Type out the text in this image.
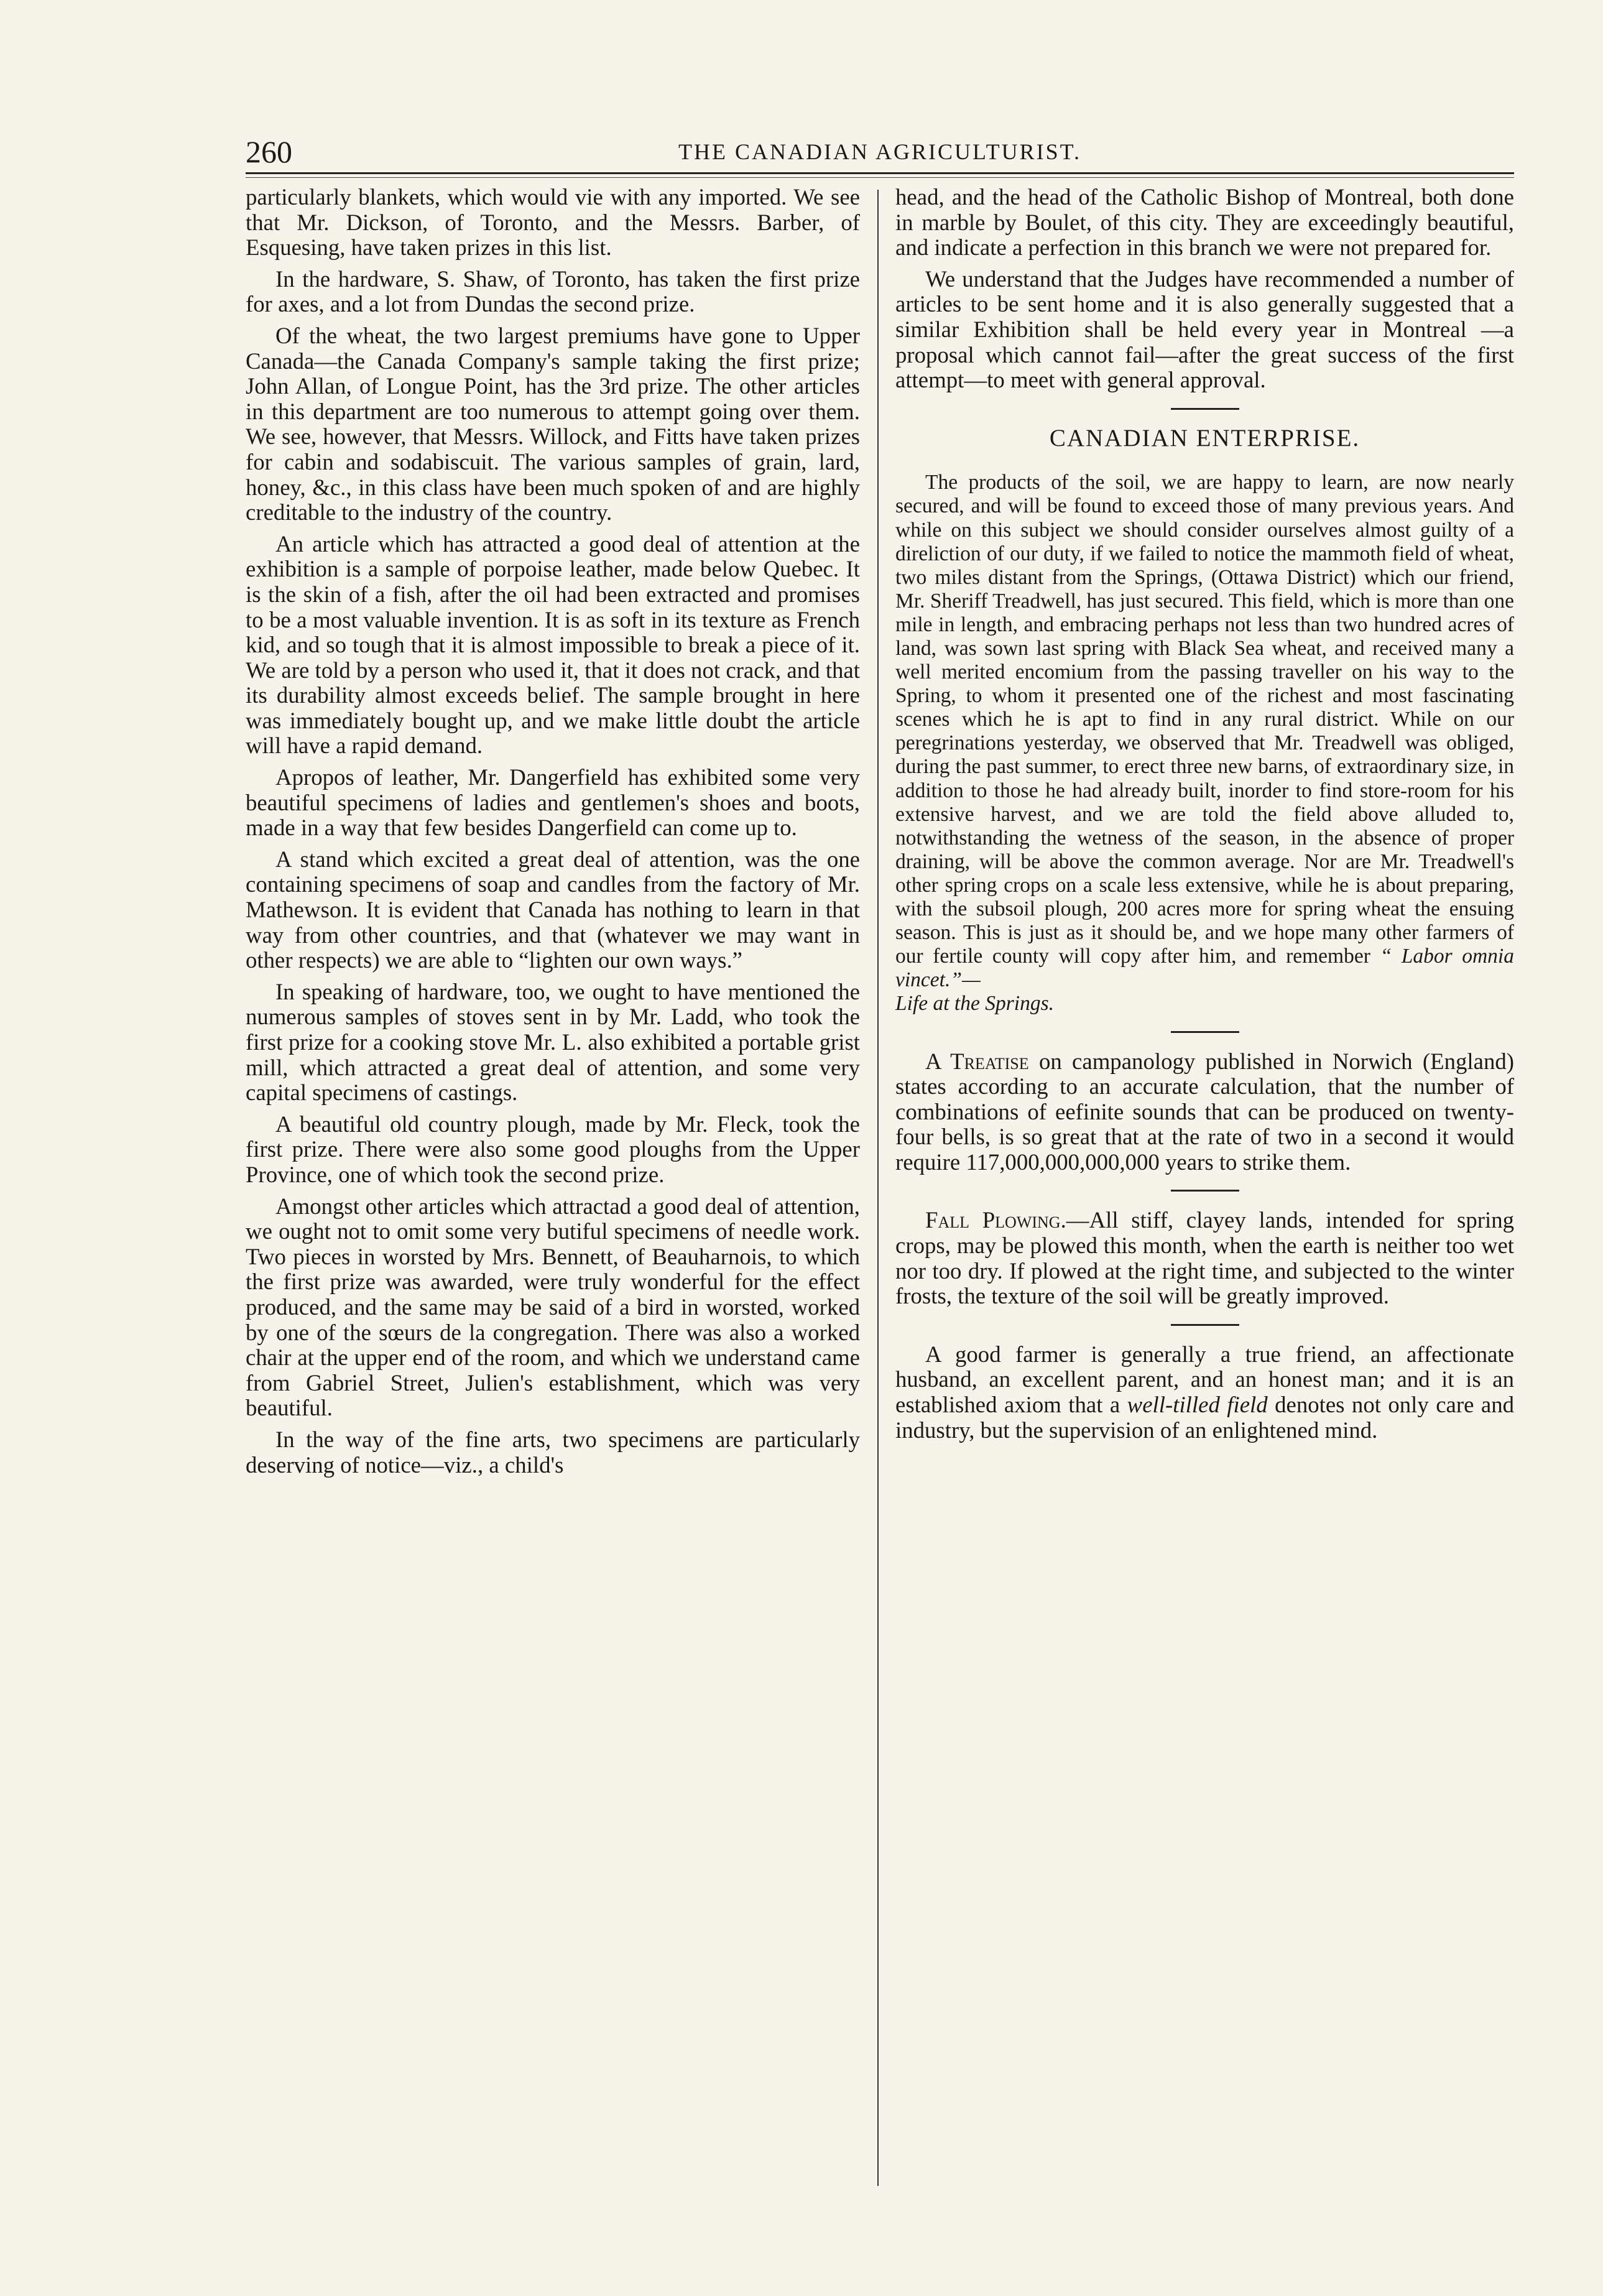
260	THE CANADIAN AGRICULTURIST.

particularly blankets, which would vie with any imported. We see that Mr. Dickson, of Toronto, and the Messrs. Barber, of Esquesing, have taken prizes in this list.

In the hardware, S. Shaw, of Toronto, has taken the first prize for axes, and a lot from Dundas the second prize.

Of the wheat, the two largest premiums have gone to Upper Canada—the Canada Company's sample taking the first prize; John Allan, of Longue Point, has the 3rd prize. The other articles in this department are too numerous to attempt going over them. We see, however, that Messrs. Willock, and Fitts have taken prizes for cabin and sodabiscuit. The various samples of grain, lard, honey, &c., in this class have been much spoken of and are highly creditable to the industry of the country.

An article which has attracted a good deal of attention at the exhibition is a sample of porpoise leather, made below Quebec. It is the skin of a fish, after the oil had been extracted and promises to be a most valuable invention. It is as soft in its texture as French kid, and so tough that it is almost impossible to break a piece of it. We are told by a person who used it, that it does not crack, and that its durability almost exceeds belief. The sample brought in here was immediately bought up, and we make little doubt the article will have a rapid demand.

Apropos of leather, Mr. Dangerfield has exhibited some very beautiful specimens of ladies and gentlemen's shoes and boots, made in a way that few besides Dangerfield can come up to.

A stand which excited a great deal of attention, was the one containing specimens of soap and candles from the factory of Mr. Mathewson. It is evident that Canada has nothing to learn in that way from other countries, and that (whatever we may want in other respects) we are able to “lighten our own ways.”

In speaking of hardware, too, we ought to have mentioned the numerous samples of stoves sent in by Mr. Ladd, who took the first prize for a cooking stove Mr. L. also exhibited a portable grist mill, which attracted a great deal of attention, and some very capital specimens of castings.

A beautiful old country plough, made by Mr. Fleck, took the first prize. There were also some good ploughs from the Upper Province, one of which took the second prize.

Amongst other articles which attractad a good deal of attention, we ought not to omit some very butiful specimens of needle work. Two pieces in worsted by Mrs. Bennett, of Beauharnois, to which the first prize was awarded, were truly wonderful for the effect produced, and the same may be said of a bird in worsted, worked by one of the sœurs de la congregation. There was also a worked chair at the upper end of the room, and which we understand came from Gabriel Street, Julien's establishment, which was very beautiful.

In the way of the fine arts, two specimens are particularly deserving of notice—viz., a child's

head, and the head of the Catholic Bishop of Montreal, both done in marble by Boulet, of this city. They are exceedingly beautiful, and indicate a perfection in this branch we were not prepared for.

We understand that the Judges have recommended a number of articles to be sent home and it is also generally suggested that a similar Exhibition shall be held every year in Montreal —a proposal which cannot fail—after the great success of the first attempt—to meet with general approval.

CANADIAN ENTERPRISE.

The products of the soil, we are happy to learn, are now nearly secured, and will be found to exceed those of many previous years. And while on this subject we should consider ourselves almost guilty of a direliction of our duty, if we failed to notice the mammoth field of wheat, two miles distant from the Springs, (Ottawa District) which our friend, Mr. Sheriff Treadwell, has just secured. This field, which is more than one mile in length, and embracing perhaps not less than two hundred acres of land, was sown last spring with Black Sea wheat, and received many a well merited encomium from the passing traveller on his way to the Spring, to whom it presented one of the richest and most fascinating scenes which he is apt to find in any rural district. While on our peregrinations yesterday, we observed that Mr. Treadwell was obliged, during the past summer, to erect three new barns, of extraordinary size, in addition to those he had already built, inorder to find store-room for his extensive harvest, and we are told the field above alluded to, notwithstanding the wetness of the season, in the absence of proper draining, will be above the common average. Nor are Mr. Treadwell's other spring crops on a scale less extensive, while he is about preparing, with the subsoil plough, 200 acres more for spring wheat the ensuing season. This is just as it should be, and we hope many other farmers of our fertile county will copy after him, and remember “ Labor omnia vincet.”—
Life at the Springs.

A Treatise on campanology published in Norwich (England) states according to an accurate calculation, that the number of combinations of eefinite sounds that can be produced on twenty-four bells, is so great that at the rate of two in a second it would require 117,000,000,000,000 years to strike them.

Fall Plowing.—All stiff, clayey lands, intended for spring crops, may be plowed this month, when the earth is neither too wet nor too dry. If plowed at the right time, and subjected to the winter frosts, the texture of the soil will be greatly improved.

A good farmer is generally a true friend, an affectionate husband, an excellent parent, and an honest man; and it is an established axiom that a well-tilled field denotes not only care and industry, but the supervision of an enlightened mind.
